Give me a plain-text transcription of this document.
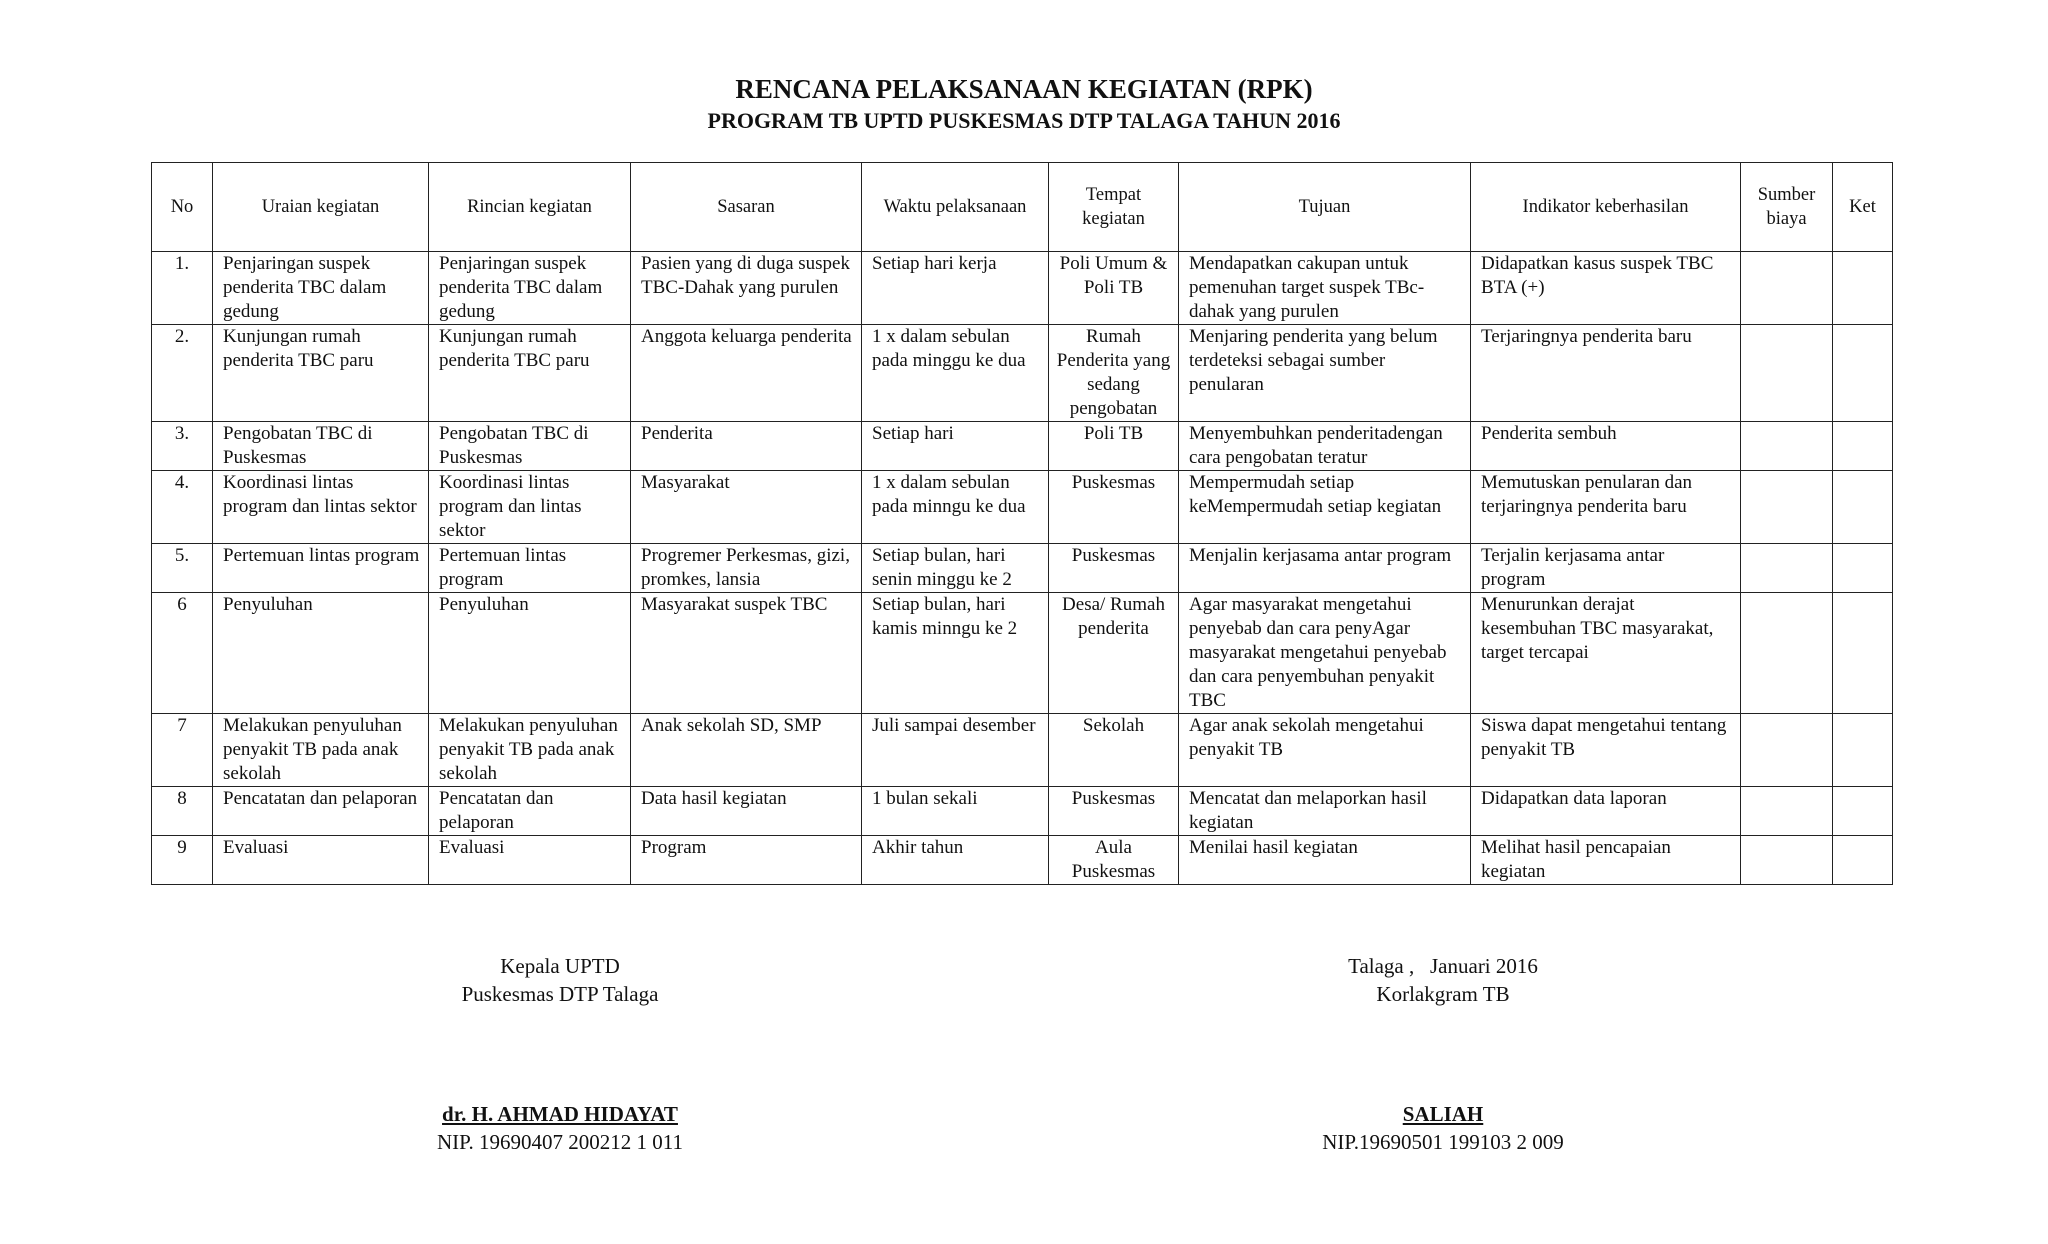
RENCANA PELAKSANAAN KEGIATAN (RPK)
PROGRAM TB UPTD PUSKESMAS DTP TALAGA TAHUN 2016
No	Uraian kegiatan	Rincian kegiatan	Sasaran	Waktu pelaksanaan	Tempat kegiatan	Tujuan	Indikator keberhasilan	Sumber biaya	Ket
1.	Penjaringan suspek penderita TBC dalam gedung	Penjaringan suspek penderita TBC dalam gedung	Pasien yang di duga suspek TBC-Dahak yang purulen	Setiap hari kerja	Poli Umum & Poli TB	Mendapatkan cakupan untuk pemenuhan target suspek TBc-dahak yang purulen	Didapatkan kasus suspek TBC BTA (+)		
2.	Kunjungan rumah penderita TBC paru	Kunjungan rumah penderita TBC paru	Anggota keluarga penderita	1 x dalam sebulan pada minggu ke dua	Rumah Penderita yang sedang pengobatan	Menjaring penderita yang belum terdeteksi sebagai sumber penularan	Terjaringnya penderita baru		
3.	Pengobatan TBC di Puskesmas	Pengobatan TBC di Puskesmas	Penderita	Setiap hari	Poli TB	Menyembuhkan penderitadengan cara pengobatan teratur	Penderita sembuh		
4.	Koordinasi lintas program dan lintas sektor	Koordinasi lintas program dan lintas sektor	Masyarakat	1 x dalam sebulan pada minngu ke dua	Puskesmas	Mempermudah setiap keMempermudah setiap kegiatan	Memutuskan penularan dan terjaringnya penderita baru		
5.	Pertemuan lintas program	Pertemuan lintas program	Progremer Perkesmas, gizi, promkes, lansia	Setiap bulan, hari senin minggu ke 2	Puskesmas	Menjalin kerjasama antar program	Terjalin kerjasama antar program		
6	Penyuluhan	Penyuluhan	Masyarakat suspek TBC	Setiap bulan, hari kamis minngu ke 2	Desa/ Rumah penderita	Agar masyarakat mengetahui penyebab dan cara penyAgar masyarakat mengetahui penyebab dan cara penyembuhan penyakit TBC	Menurunkan derajat kesembuhan TBC masyarakat, target tercapai		
7	Melakukan penyuluhan penyakit TB pada anak sekolah	Melakukan penyuluhan penyakit TB pada anak sekolah	Anak sekolah SD, SMP	Juli sampai desember	Sekolah	Agar anak sekolah mengetahui penyakit TB	Siswa dapat mengetahui tentang penyakit TB		
8	Pencatatan dan pelaporan	Pencatatan dan pelaporan	Data hasil kegiatan	1 bulan sekali	Puskesmas	Mencatat dan melaporkan hasil kegiatan	Didapatkan data laporan		
9	Evaluasi	Evaluasi	Program	Akhir tahun	Aula Puskesmas	Menilai hasil kegiatan	Melihat hasil pencapaian kegiatan		
Kepala UPTD
Puskesmas DTP Talaga
dr. H. AHMAD HIDAYAT
NIP. 19690407 200212 1 011
Talaga ,   Januari 2016
Korlakgram TB
SALIAH
NIP.19690501 199103 2 009
